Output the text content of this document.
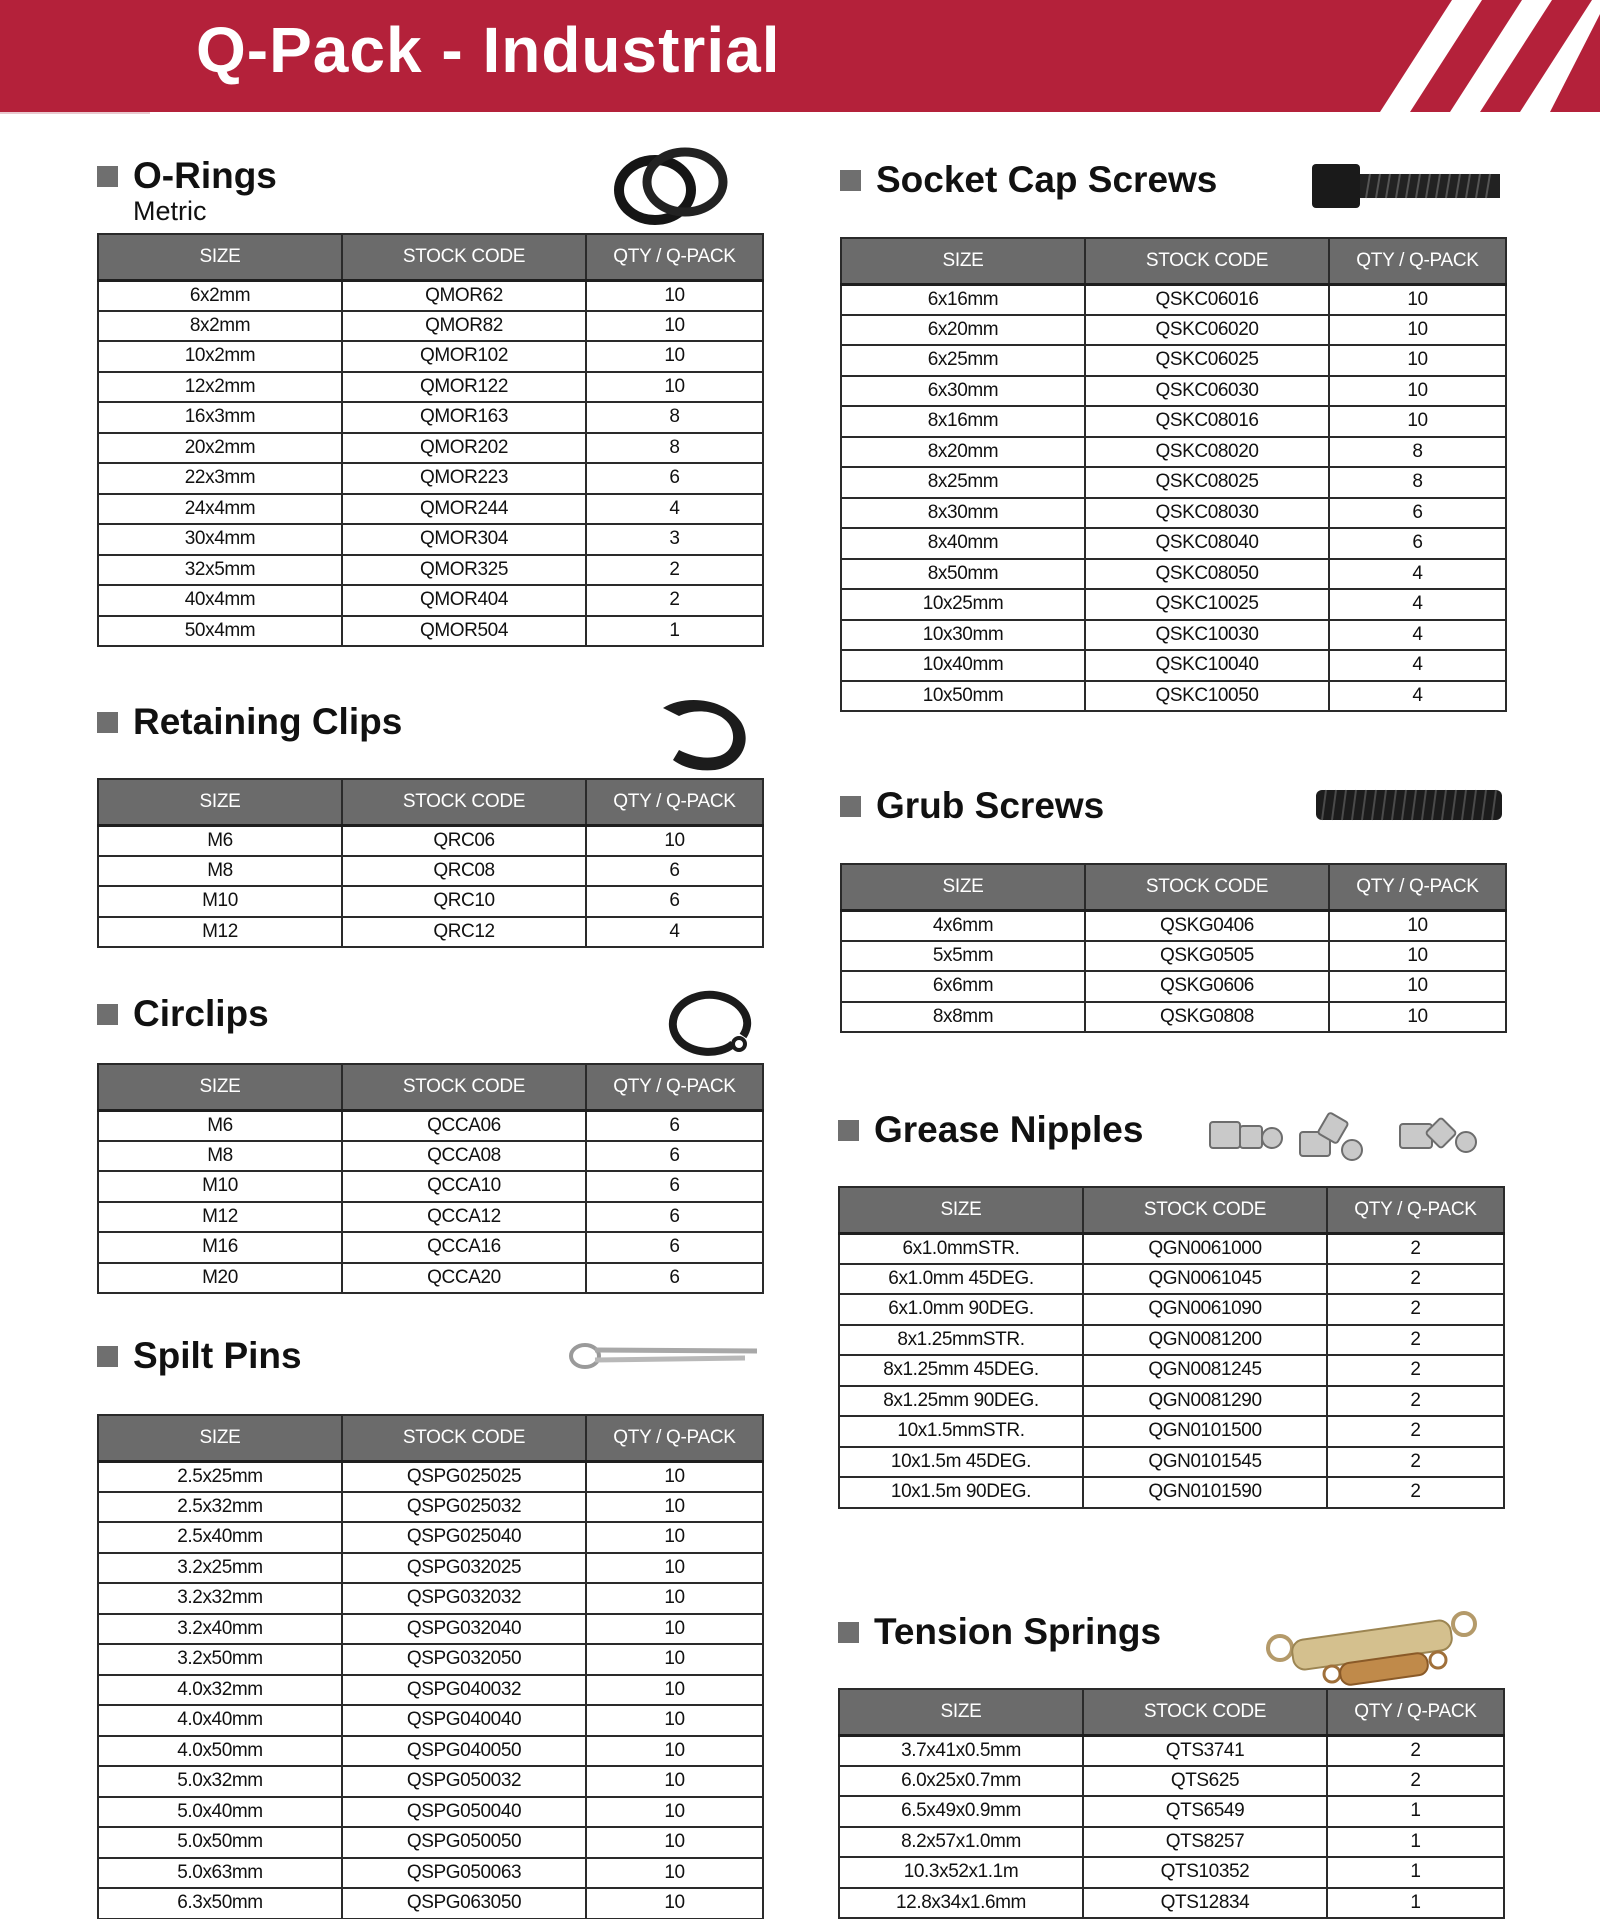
Q-Pack - Industrial
O-Rings
Metric
SIZE	STOCK CODE	QTY / Q-PACK
6x2mm	QMOR62	10
8x2mm	QMOR82	10
10x2mm	QMOR102	10
12x2mm	QMOR122	10
16x3mm	QMOR163	8
20x2mm	QMOR202	8
22x3mm	QMOR223	6
24x4mm	QMOR244	4
30x4mm	QMOR304	3
32x5mm	QMOR325	2
40x4mm	QMOR404	2
50x4mm	QMOR504	1
Retaining Clips
SIZE	STOCK CODE	QTY / Q-PACK
M6	QRC06	10
M8	QRC08	6
M10	QRC10	6
M12	QRC12	4
Circlips
SIZE	STOCK CODE	QTY / Q-PACK
M6	QCCA06	6
M8	QCCA08	6
M10	QCCA10	6
M12	QCCA12	6
M16	QCCA16	6
M20	QCCA20	6
Spilt Pins
SIZE	STOCK CODE	QTY / Q-PACK
2.5x25mm	QSPG025025	10
2.5x32mm	QSPG025032	10
2.5x40mm	QSPG025040	10
3.2x25mm	QSPG032025	10
3.2x32mm	QSPG032032	10
3.2x40mm	QSPG032040	10
3.2x50mm	QSPG032050	10
4.0x32mm	QSPG040032	10
4.0x40mm	QSPG040040	10
4.0x50mm	QSPG040050	10
5.0x32mm	QSPG050032	10
5.0x40mm	QSPG050040	10
5.0x50mm	QSPG050050	10
5.0x63mm	QSPG050063	10
6.3x50mm	QSPG063050	10
Socket Cap Screws
SIZE	STOCK CODE	QTY / Q-PACK
6x16mm	QSKC06016	10
6x20mm	QSKC06020	10
6x25mm	QSKC06025	10
6x30mm	QSKC06030	10
8x16mm	QSKC08016	10
8x20mm	QSKC08020	8
8x25mm	QSKC08025	8
8x30mm	QSKC08030	6
8x40mm	QSKC08040	6
8x50mm	QSKC08050	4
10x25mm	QSKC10025	4
10x30mm	QSKC10030	4
10x40mm	QSKC10040	4
10x50mm	QSKC10050	4
Grub Screws
SIZE	STOCK CODE	QTY / Q-PACK
4x6mm	QSKG0406	10
5x5mm	QSKG0505	10
6x6mm	QSKG0606	10
8x8mm	QSKG0808	10
Grease Nipples
SIZE	STOCK CODE	QTY / Q-PACK
6x1.0mmSTR.	QGN0061000	2
6x1.0mm 45DEG.	QGN0061045	2
6x1.0mm 90DEG.	QGN0061090	2
8x1.25mmSTR.	QGN0081200	2
8x1.25mm 45DEG.	QGN0081245	2
8x1.25mm 90DEG.	QGN0081290	2
10x1.5mmSTR.	QGN0101500	2
10x1.5m 45DEG.	QGN0101545	2
10x1.5m 90DEG.	QGN0101590	2
Tension Springs
SIZE	STOCK CODE	QTY / Q-PACK
3.7x41x0.5mm	QTS3741	2
6.0x25x0.7mm	QTS625	2
6.5x49x0.9mm	QTS6549	1
8.2x57x1.0mm	QTS8257	1
10.3x52x1.1m	QTS10352	1
12.8x34x1.6mm	QTS12834	1
